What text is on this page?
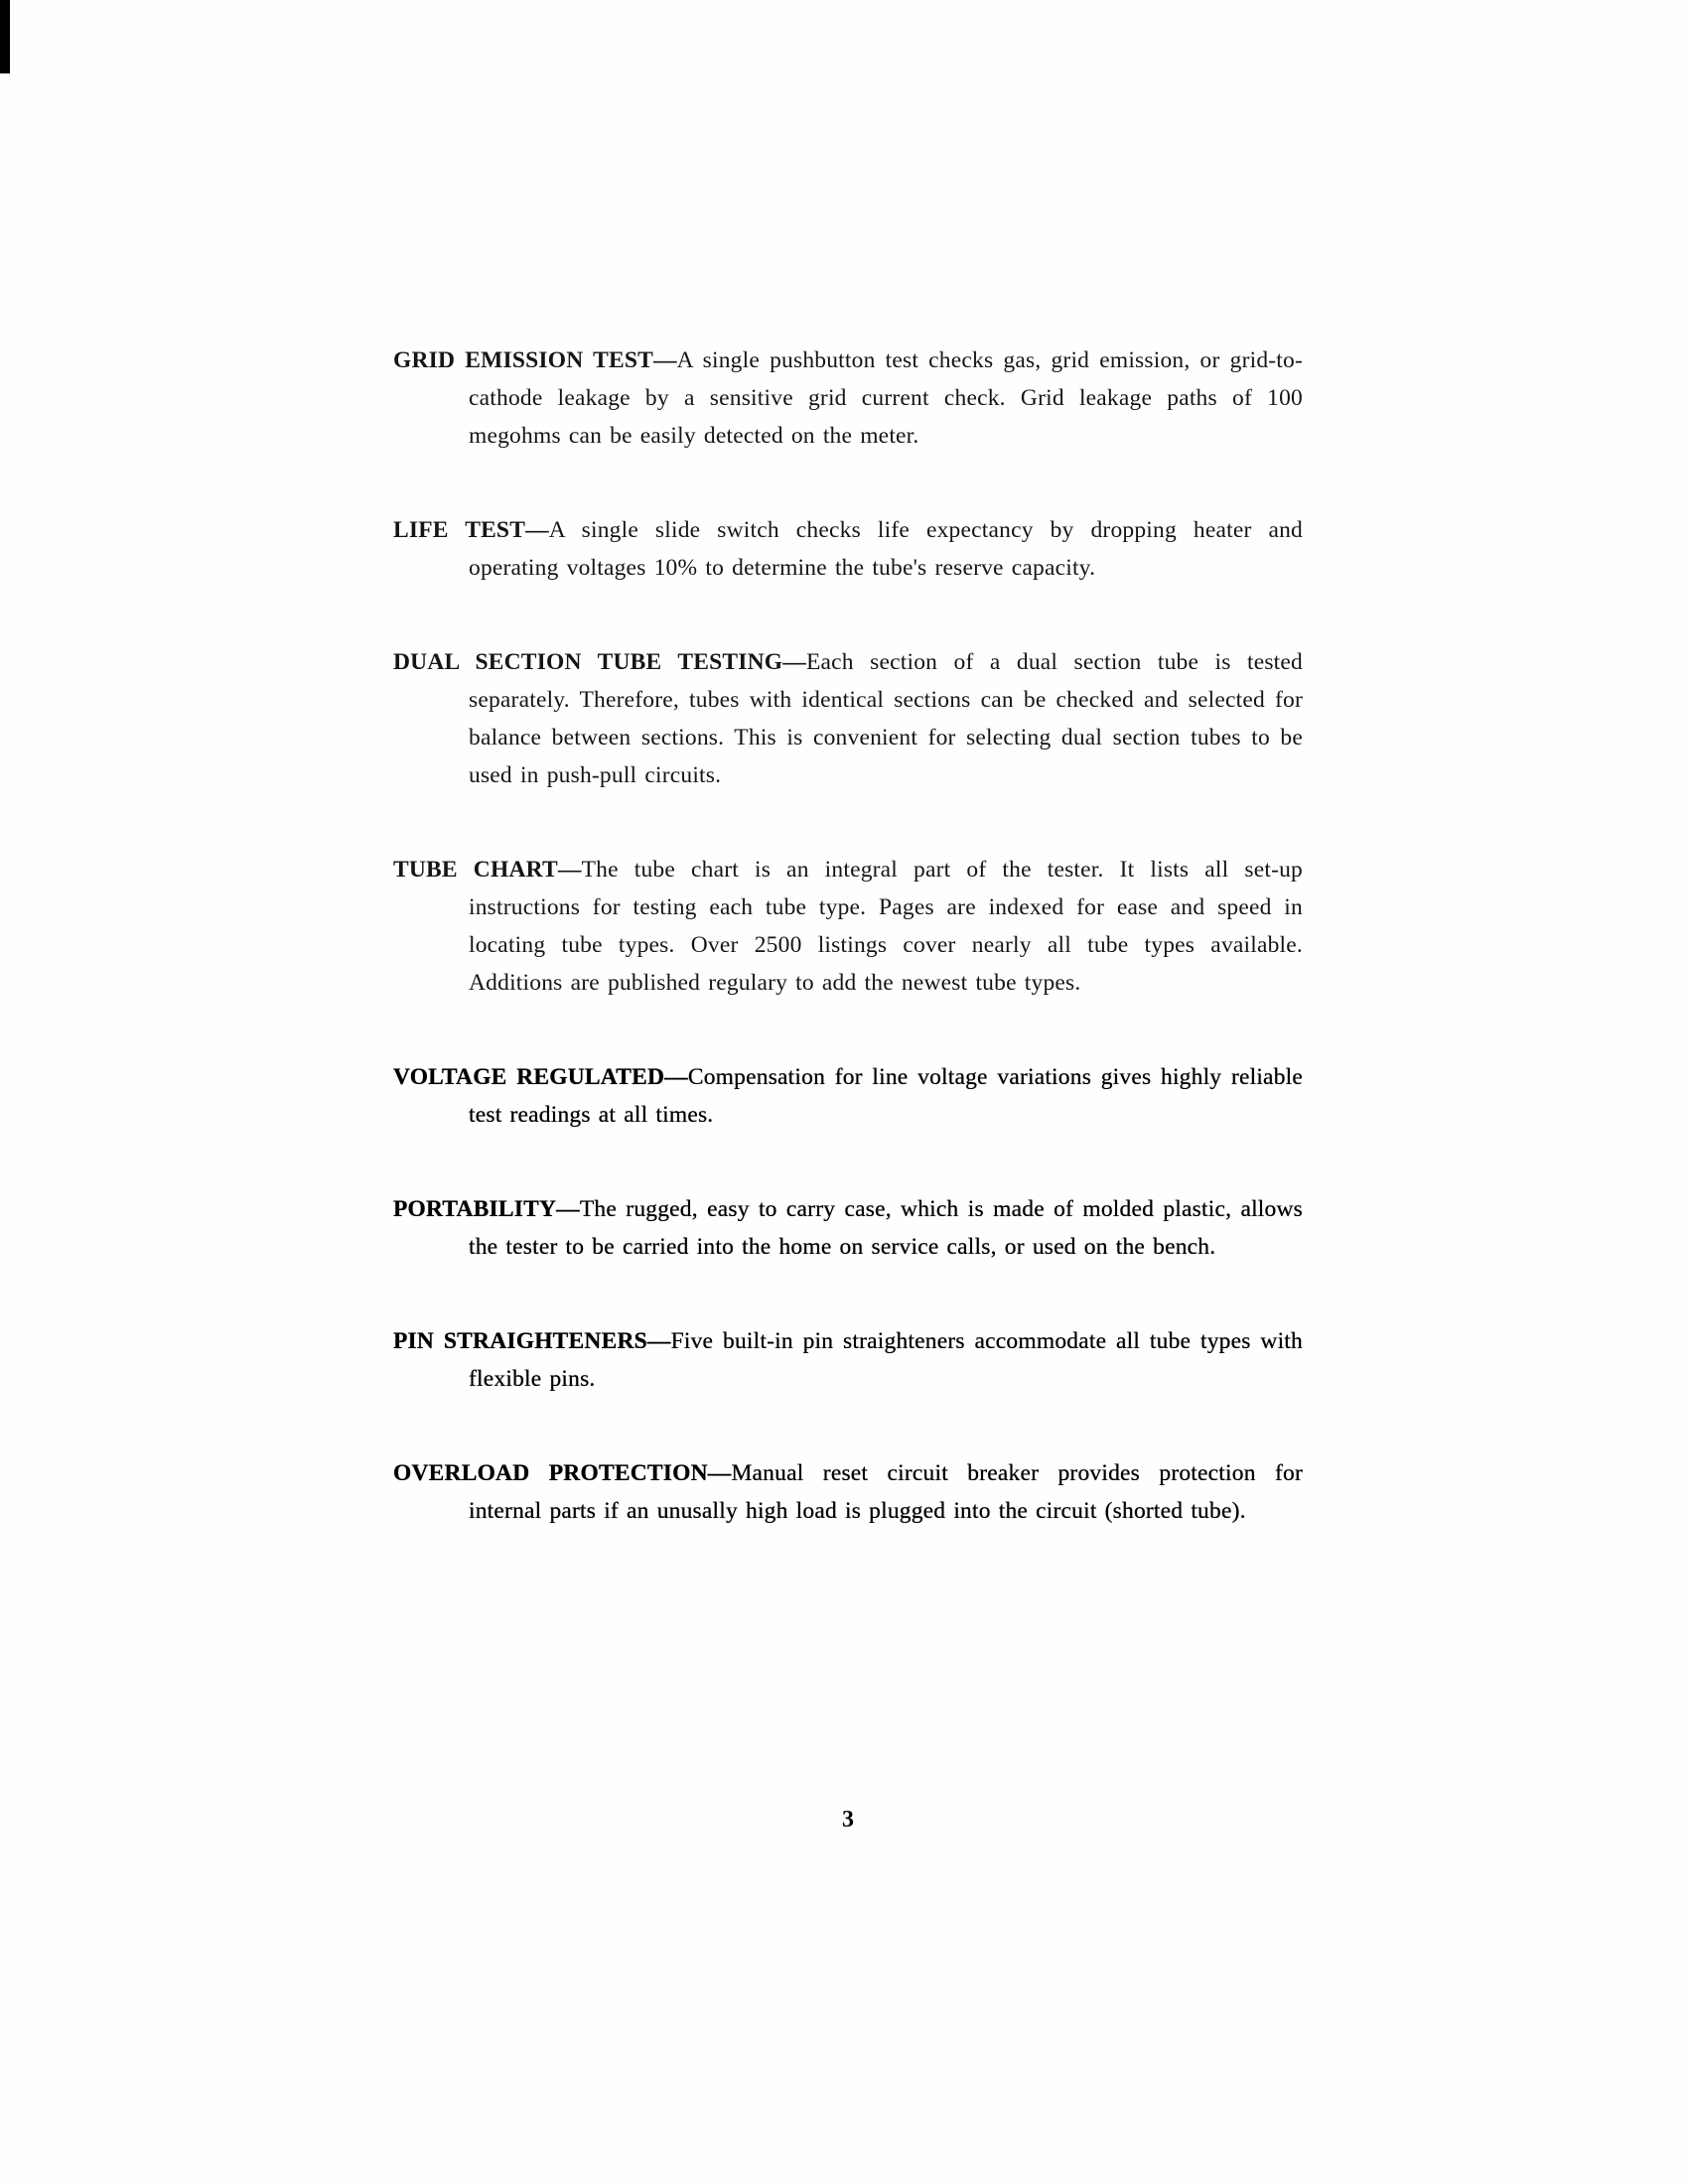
GRID EMISSION TEST—A single pushbutton test checks gas, grid emission, or grid-to-cathode leakage by a sensitive grid current check. Grid leakage paths of 100 megohms can be easily detected on the meter.

LIFE TEST—A single slide switch checks life expectancy by dropping heater and operating voltages 10% to determine the tube's reserve capacity.

DUAL SECTION TUBE TESTING—Each section of a dual section tube is tested separately. Therefore, tubes with identical sections can be checked and selected for balance between sections. This is convenient for selecting dual section tubes to be used in push-pull circuits.

TUBE CHART—The tube chart is an integral part of the tester. It lists all set-up instructions for testing each tube type. Pages are indexed for ease and speed in locating tube types. Over 2500 listings cover nearly all tube types available. Additions are published regulary to add the newest tube types.

VOLTAGE REGULATED—Compensation for line voltage variations gives highly reliable test readings at all times.

PORTABILITY—The rugged, easy to carry case, which is made of molded plastic, allows the tester to be carried into the home on service calls, or used on the bench.

PIN STRAIGHTENERS—Five built-in pin straighteners accommodate all tube types with flexible pins.

OVERLOAD PROTECTION—Manual reset circuit breaker provides protection for internal parts if an unusally high load is plugged into the circuit (shorted tube).

3
